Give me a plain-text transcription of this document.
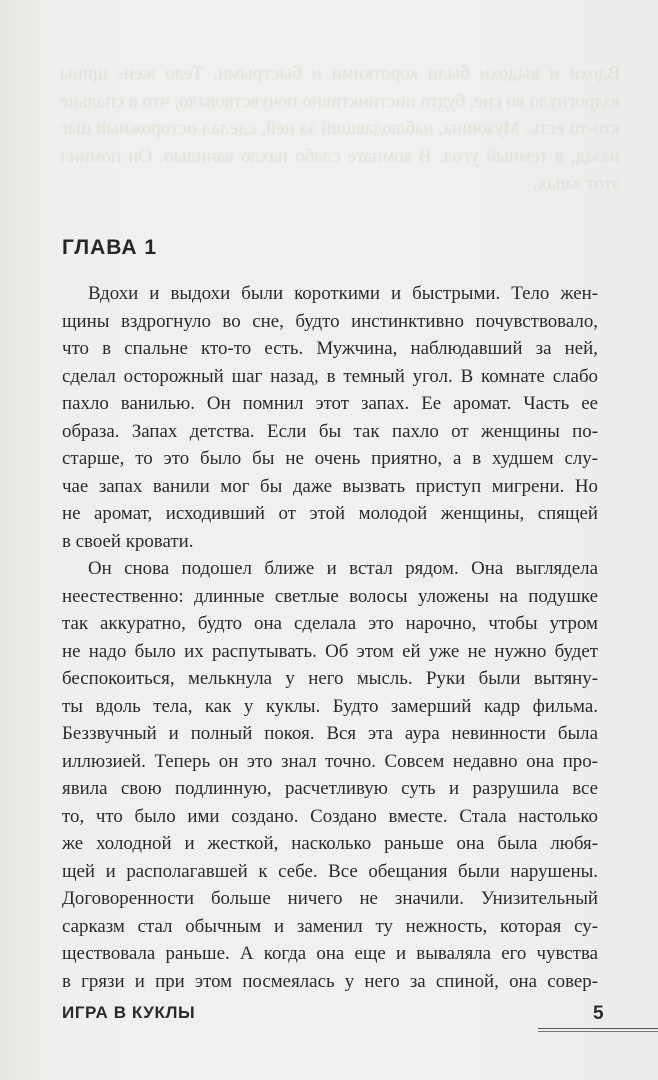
Вдохи и выдохи были короткими и быстрыми. Тело жен- щины вздрогнуло во сне, будто инстинктивно почувствовало, что в спальне кто-то есть. Мужчина, наблюдавший за ней, сделал осторожный шаг назад, в темный угол. В комнате слабо пахло ванилью. Он помнил этот запах.

ГЛАВА 1
Вдохи и выдохи были короткими и быстрыми. Тело жен-
щины вздрогнуло во сне, будто инстинктивно почувствовало,
что в спальне кто-то есть. Мужчина, наблюдавший за ней,
сделал осторожный шаг назад, в темный угол. В комнате слабо
пахло ванилью. Он помнил этот запах. Ее аромат. Часть ее
образа. Запах детства. Если бы так пахло от женщины по-
старше, то это было бы не очень приятно, а в худшем слу-
чае запах ванили мог бы даже вызвать приступ мигрени. Но
не аромат, исходивший от этой молодой женщины, спящей
в своей кровати.
Он снова подошел ближе и встал рядом. Она выглядела
неестественно: длинные светлые волосы уложены на подушке
так аккуратно, будто она сделала это нарочно, чтобы утром
не надо было их распутывать. Об этом ей уже не нужно будет
беспокоиться, мелькнула у него мысль. Руки были вытяну-
ты вдоль тела, как у куклы. Будто замерший кадр фильма.
Беззвучный и полный покоя. Вся эта аура невинности была
иллюзией. Теперь он это знал точно. Совсем недавно она про-
явила свою подлинную, расчетливую суть и разрушила все
то, что было ими создано. Создано вместе. Стала настолько
же холодной и жесткой, насколько раньше она была любя-
щей и располагавшей к себе. Все обещания были нарушены.
Договоренности больше ничего не значили. Унизительный
сарказм стал обычным и заменил ту нежность, которая су-
ществовала раньше. А когда она еще и вываляла его чувства
в грязи и при этом посмеялась у него за спиной, она совер-
ИГРА В КУКЛЫ	5
